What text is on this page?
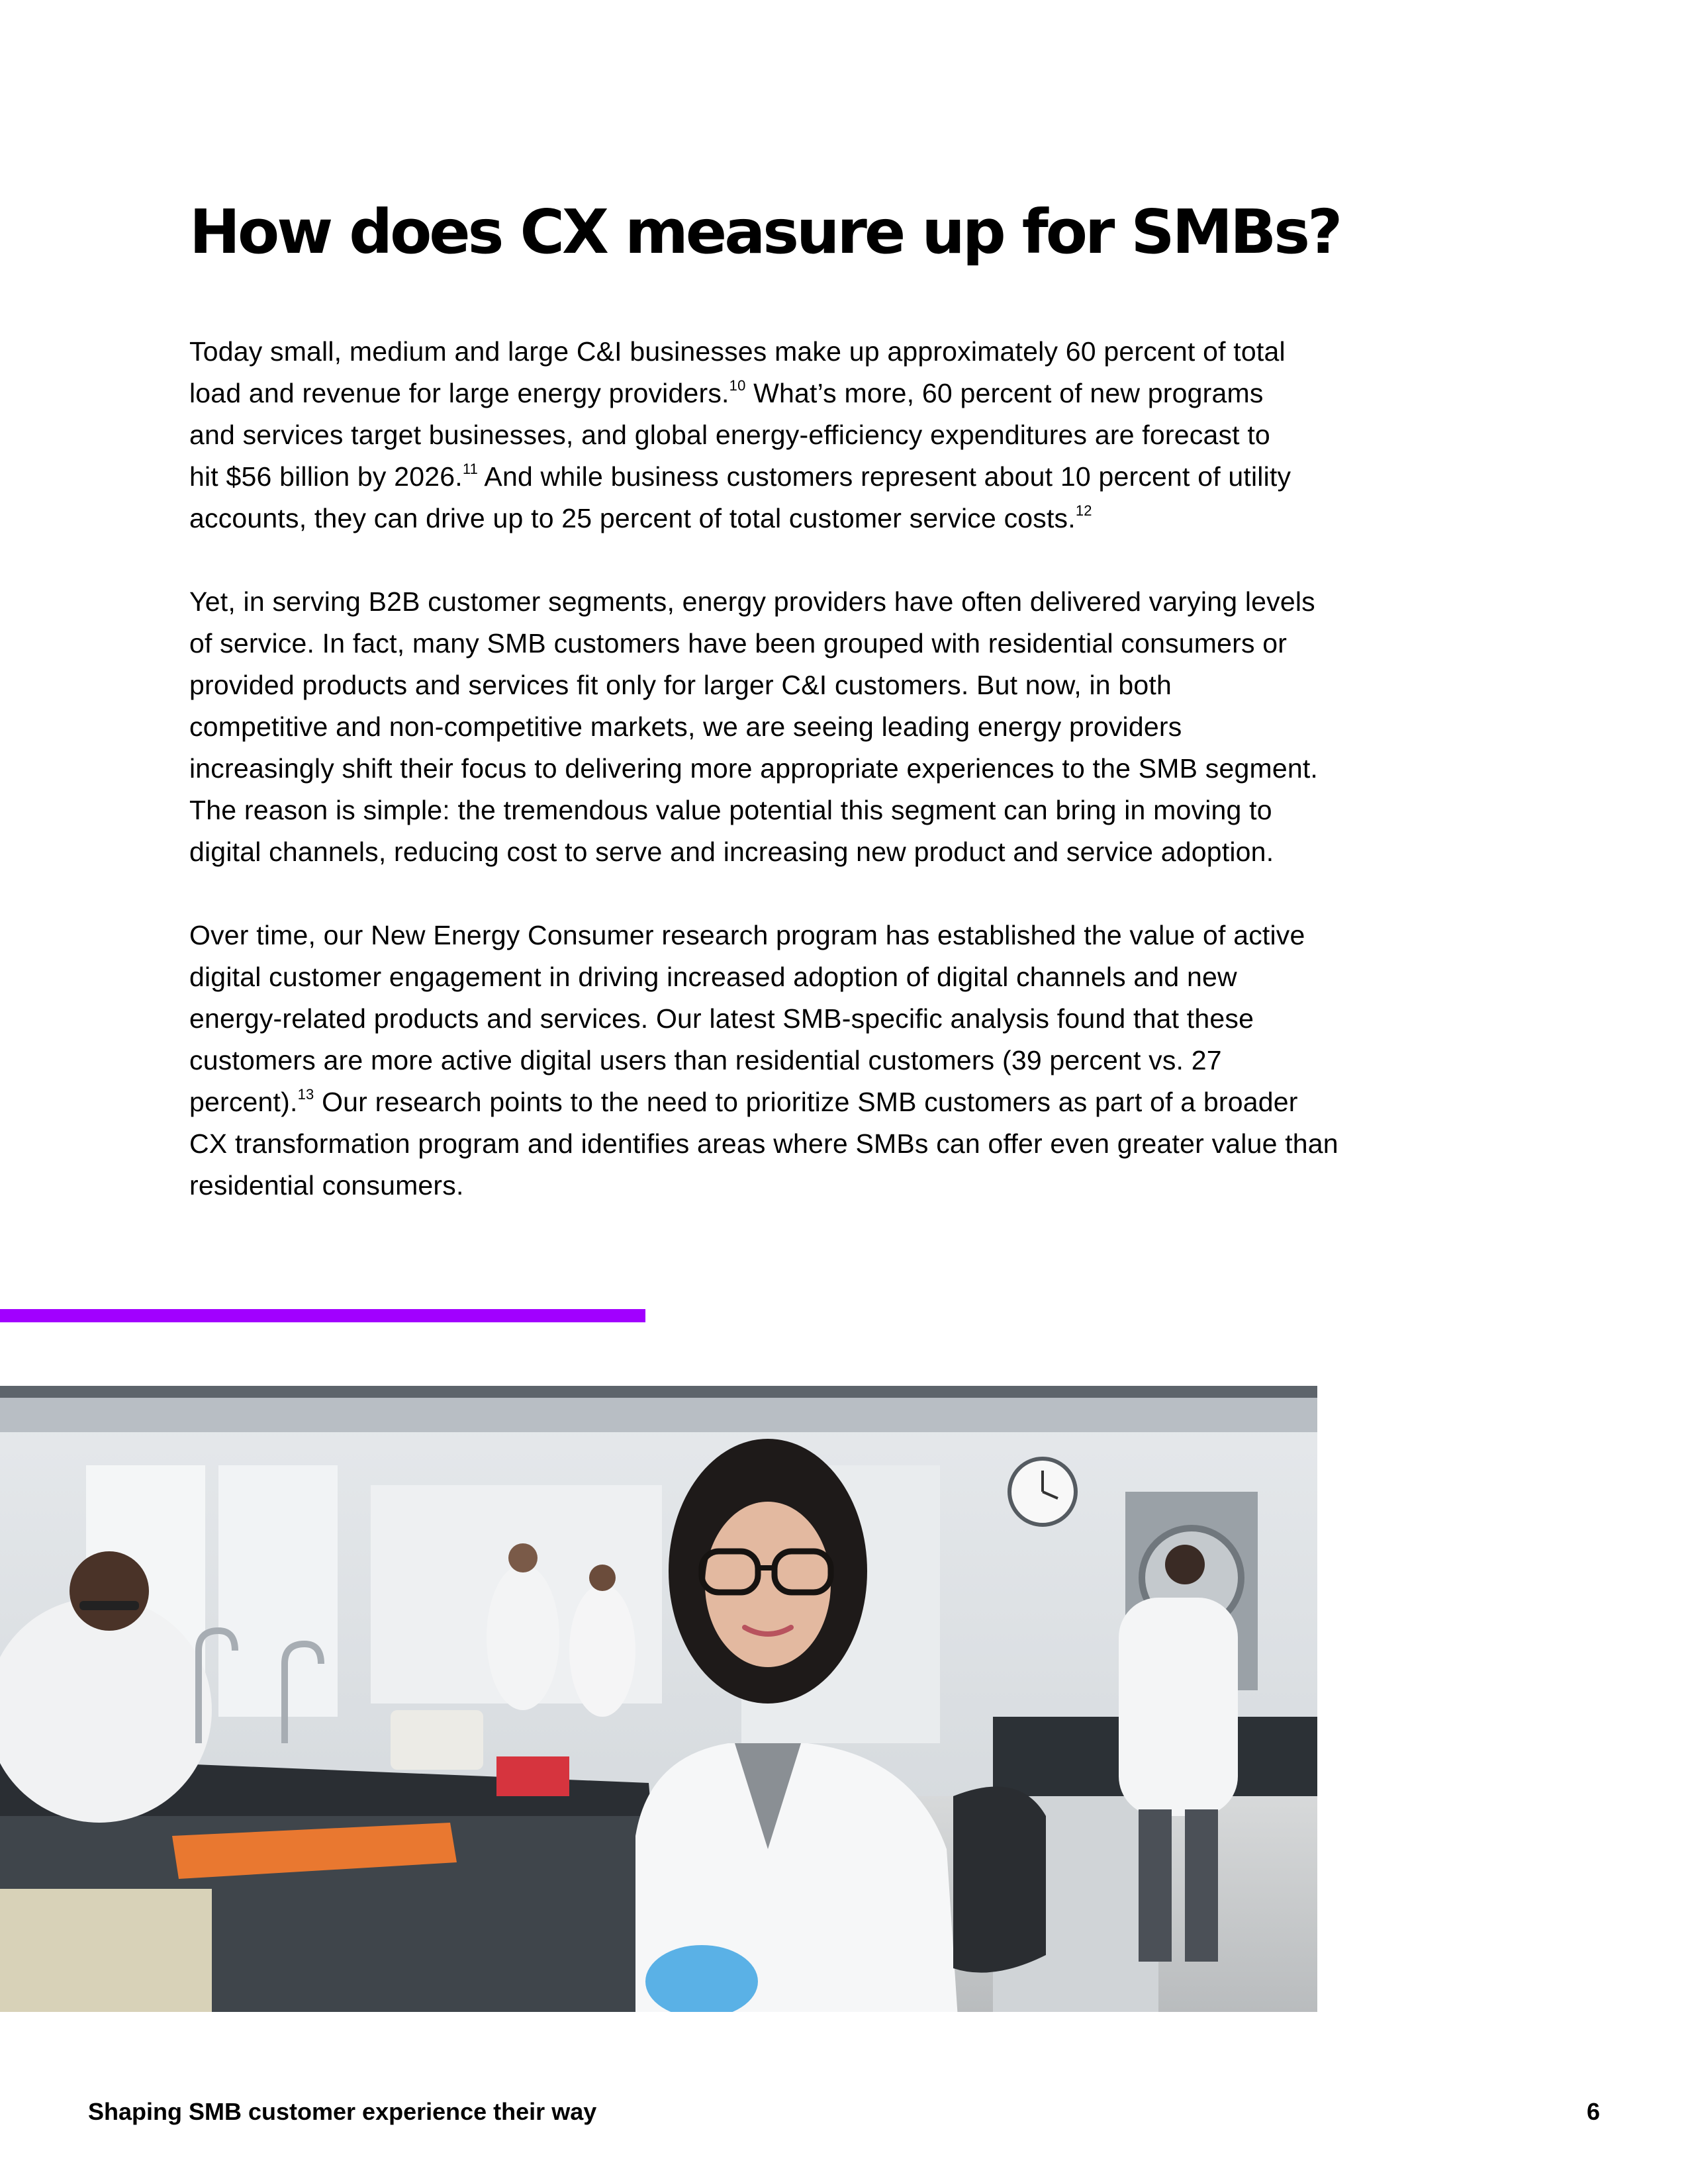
How does CX measure up for SMBs?

Today small, medium and large C&I businesses make up approximately 60 percent of total
load and revenue for large energy providers.$^{10}$ What’s more, 60 percent of new programs
and services target businesses, and global energy-efficiency expenditures are forecast to
hit $56 billion by 2026.11 And while business customers represent about 10 percent of utility
accounts, they can drive up to 25 percent of total customer service costs.$^{12}$

Yet, in serving B2B customer segments, energy providers have often delivered varying levels
of service. In fact, many SMB customers have been grouped with residential consumers or
provided products and services fit only for larger C&I customers. But now, in both
competitive and non-competitive markets, we are seeing leading energy providers
increasingly shift their focus to delivering more appropriate experiences to the SMB segment.
The reason is simple: the tremendous value potential this segment can bring in moving to
digital channels, reducing cost to serve and increasing new product and service adoption.

Over time, our New Energy Consumer research program has established the value of active
digital customer engagement in driving increased adoption of digital channels and new
energy-related products and services. Our latest SMB-specific analysis found that these
customers are more active digital users than residential customers (39 percent vs. 27
percent).$^{13}$ Our research points to the need to prioritize SMB customers as part of a broader
CX transformation program and identifies areas where SMBs can offer even greater value than
residential consumers.

Shaping SMB customer experience their way	6
